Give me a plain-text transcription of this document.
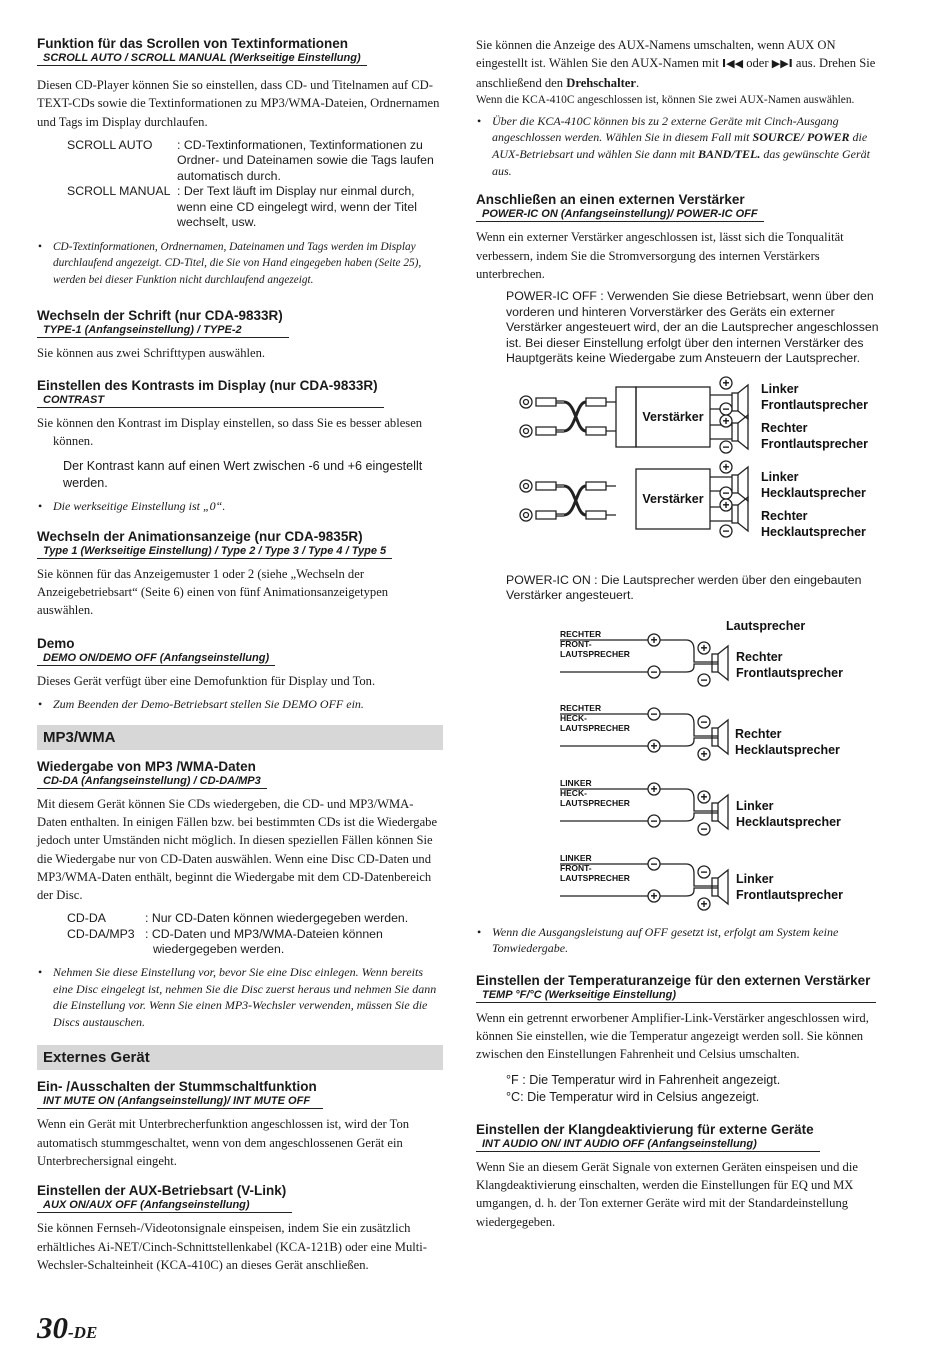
Funktion für das Scrollen von Textinformationen
SCROLL AUTO / SCROLL MANUAL (Werkseitige Einstellung)

Diesen CD-Player können Sie so einstellen, dass CD- und Titelnamen auf CD-TEXT-CDs sowie die Textinformationen zu MP3/WMA-Dateien, Ordnernamen und Tags im Display durchlaufen.

SCROLL AUTO	: CD-Textinformationen, Textinformationen zu Ordner- und Dateinamen sowie die Tags laufen automatisch durch.
SCROLL MANUAL : Der Text läuft im Display nur einmal durch, wenn eine CD eingelegt wird, wenn der Titel wechselt, usw.

• CD-Textinformationen, Ordnernamen, Dateinamen und Tags werden im Display durchlaufend angezeigt. CD-Titel, die Sie von Hand eingegeben haben (Seite 25), werden bei dieser Funktion nicht durchlaufend angezeigt.

Wechseln der Schrift (nur CDA-9833R)
TYPE-1 (Anfangseinstellung) / TYPE-2

Sie können aus zwei Schrifttypen auswählen.

Einstellen des Kontrasts im Display (nur CDA-9833R)
CONTRAST

Sie können den Kontrast im Display einstellen, so dass Sie es besser ablesen können.

Der Kontrast kann auf einen Wert zwischen -6 und +6 eingestellt werden.

• Die werkseitige Einstellung ist „0“.

Wechseln der Animationsanzeige (nur CDA-9835R)
Type 1 (Werkseitige Einstellung) / Type 2 / Type 3 / Type 4 / Type 5

Sie können für das Anzeigemuster 1 oder 2 (siehe „Wechseln der Anzeigebetriebsart“ (Seite 6) einen von fünf Animationsanzeigetypen auswählen.

Demo
DEMO ON/DEMO OFF (Anfangseinstellung)

Dieses Gerät verfügt über eine Demofunktion für Display und Ton.

• Zum Beenden der Demo-Betriebsart stellen Sie DEMO OFF ein.

MP3/WMA
Wiedergabe von MP3 /WMA-Daten
CD-DA (Anfangseinstellung) / CD-DA/MP3

Mit diesem Gerät können Sie CDs wiedergeben, die CD- und MP3/WMA-Daten enthalten. In einigen Fällen bzw. bei bestimmten CDs ist die Wiedergabe jedoch unter Umständen nicht möglich. In diesen speziellen Fällen können Sie die Wiedergabe nur von CD-Daten auswählen. Wenn eine Disc CD-Daten und MP3/WMA-Daten enthält, beginnt die Wiedergabe mit dem CD-Datenbereich der Disc.

CD-DA	: Nur CD-Daten können wiedergegeben werden.
CD-DA/MP3 : CD-Daten und MP3/WMA-Dateien können wiedergegeben werden.

• Nehmen Sie diese Einstellung vor, bevor Sie eine Disc einlegen. Wenn bereits eine Disc eingelegt ist, nehmen Sie die Disc zuerst heraus und nehmen Sie dann die Einstellung vor. Wenn Sie einen MP3-Wechsler verwenden, müssen Sie die Discs austauschen.

Externes Gerät
Ein- /Ausschalten der Stummschaltfunktion
INT MUTE ON (Anfangseinstellung)/ INT MUTE OFF

Wenn ein Gerät mit Unterbrecherfunktion angeschlossen ist, wird der Ton automatisch stummgeschaltet, wenn von dem angeschlossenen Gerät ein Unterbrechersignal eingeht.

Einstellen der AUX-Betriebsart (V-Link)
AUX ON/AUX OFF (Anfangseinstellung)

Sie können Fernseh-/Videotonsignale einspeisen, indem Sie ein zusätzlich erhältliches Ai-NET/Cinch-Schnittstellenkabel (KCA-121B) oder eine Multi-Wechsler-Schalteinheit (KCA-410C) an dieses Gerät anschließen.

Sie können die Anzeige des AUX-Namens umschalten, wenn AUX ON eingestellt ist. Wählen Sie den AUX-Namen mit I◀◀ oder ▶▶I aus. Drehen Sie anschließend den Drehschalter.

Wenn die KCA-410C angeschlossen ist, können Sie zwei AUX-Namen auswählen.

• Über die KCA-410C können bis zu 2 externe Geräte mit Cinch-Ausgang angeschlossen werden. Wählen Sie in diesem Fall mit SOURCE/ POWER die AUX-Betriebsart und wählen Sie dann mit BAND/TEL. das gewünschte Gerät aus.

Anschließen an einen externen Verstärker
POWER-IC ON (Anfangseinstellung)/ POWER-IC OFF

Wenn ein externer Verstärker angeschlossen ist, lässt sich die Tonqualität verbessern, indem Sie die Stromversorgung des internen Verstärkers unterbrechen.

POWER-IC OFF : Verwenden Sie diese Betriebsart, wenn über den vorderen und hinteren Vorverstärker des Geräts ein externer Verstärker angesteuert wird, der an die Lautsprecher angeschlossen ist. Bei dieser Einstellung erfolgt über den internen Verstärker des Hauptgeräts keine Wiedergabe zum Ansteuern der Lautsprecher.

+
−
+
−
+
−
+
−
Verstärker
Verstärker
Linker
Frontlautsprecher
Rechter
Frontlautsprecher
Linker
Hecklautsprecher
Rechter
Hecklautsprecher

POWER-IC ON : Die Lautsprecher werden über den eingebauten Verstärker angesteuert.

Lautsprecher
+
−
+
−
−
+
−
+
+
−
+
−
−
+
−
+
RECHTER
FRONT-
LAUTSPRECHER
RECHTER
HECK-
LAUTSPRECHER
LINKER
HECK-
LAUTSPRECHER
LINKER
FRONT-
LAUTSPRECHER
Rechter
Frontlautsprecher
Rechter
Hecklautsprecher
Linker
Hecklautsprecher
Linker
Frontlautsprecher

• Wenn die Ausgangsleistung auf OFF gesetzt ist, erfolgt am System keine Tonwiedergabe.

Einstellen der Temperaturanzeige für den externen Verstärker
TEMP °F/°C (Werkseitige Einstellung)

Wenn ein getrennt erworbener Amplifier-Link-Verstärker angeschlossen wird, können Sie einstellen, wie die Temperatur angezeigt werden soll. Sie können zwischen den Einstellungen Fahrenheit und Celsius umschalten.

°F : Die Temperatur wird in Fahrenheit angezeigt.

°C: Die Temperatur wird in Celsius angezeigt.

Einstellen der Klangdeaktivierung für externe Geräte
INT AUDIO ON/ INT AUDIO OFF (Anfangseinstellung)

Wenn Sie an diesem Gerät Signale von externen Geräten einspeisen und die Klangdeaktivierung einschalten, werden die Einstellungen für EQ und MX umgangen, d. h. der Ton externer Geräte wird mit der Standardeinstellung wiedergegeben.

30-DE
